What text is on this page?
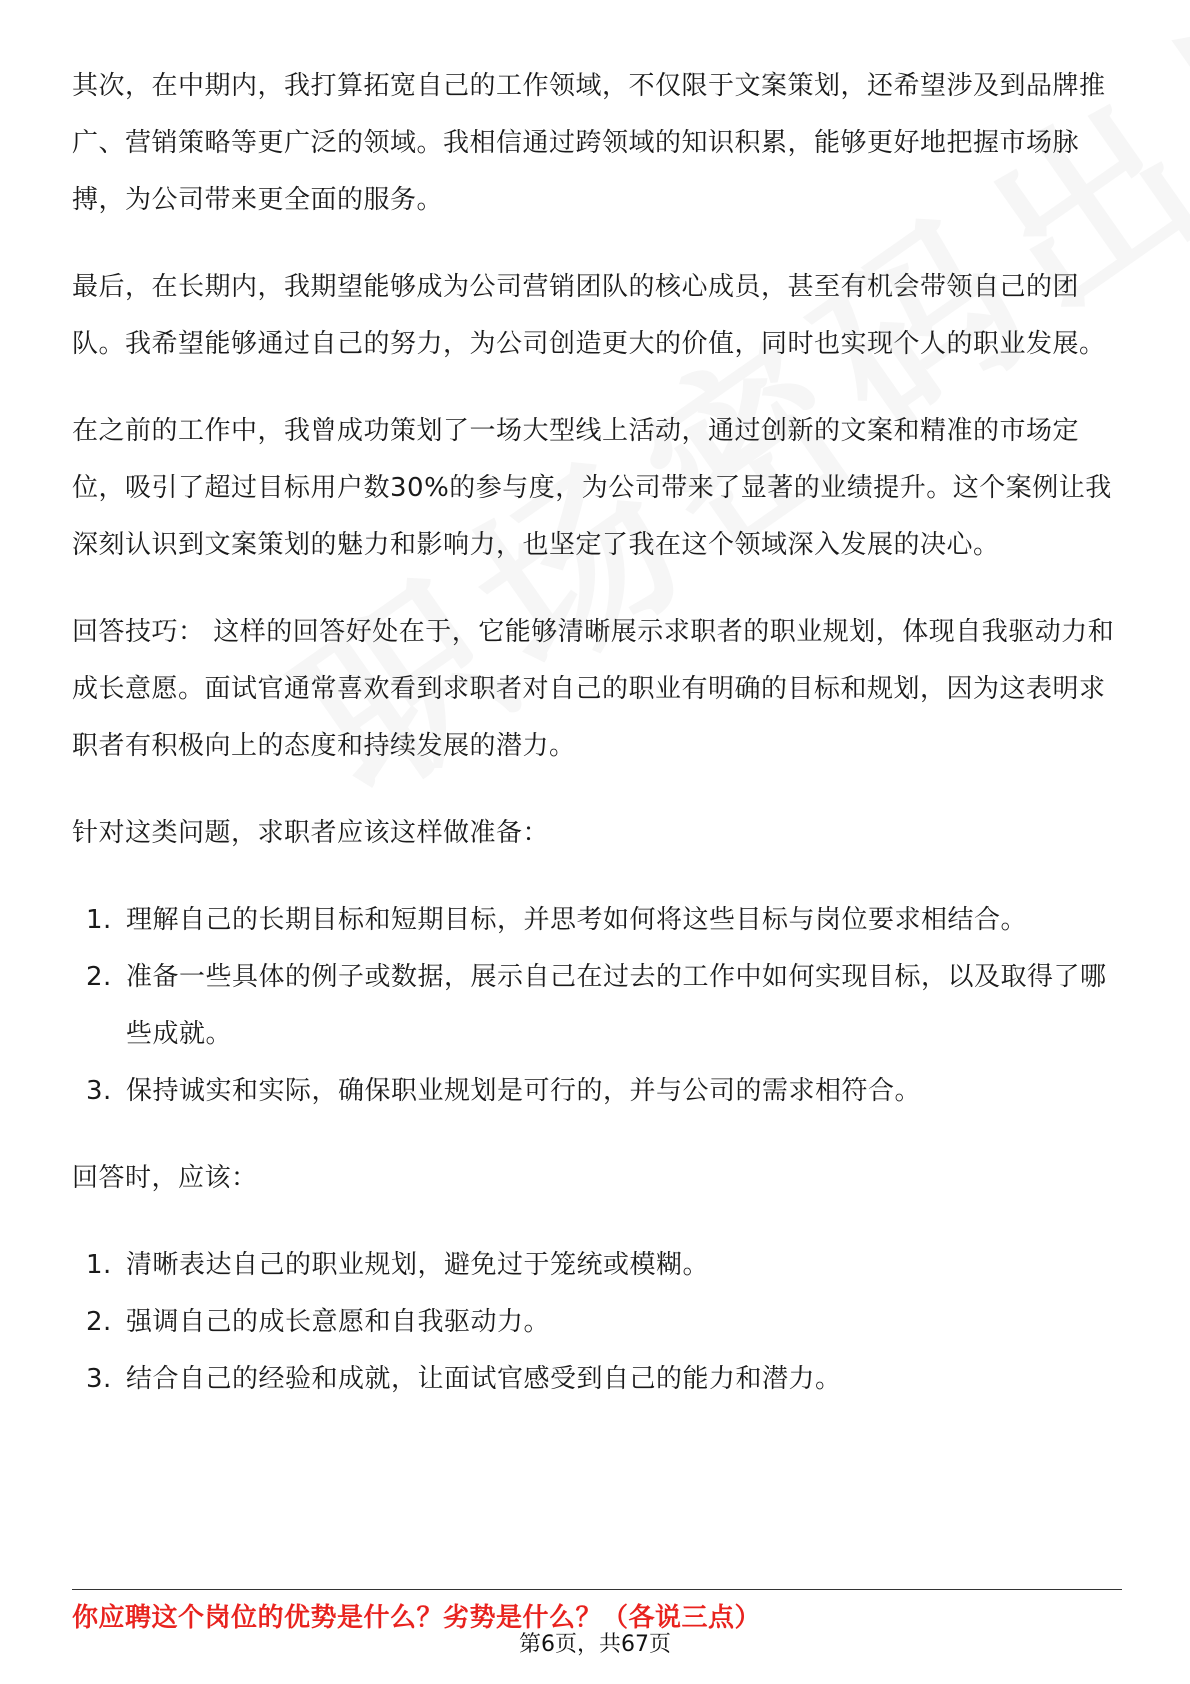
其次，在中期内，我打算拓宽自己的工作领域，不仅限于文案策划，还希望涉及到品牌推广、营销策略等更广泛的领域。我相信通过跨领域的知识积累，能够更好地把握市场脉搏，为公司带来更全面的服务。

最后，在长期内，我期望能够成为公司营销团队的核心成员，甚至有机会带领自己的团队。我希望能够通过自己的努力，为公司创造更大的价值，同时也实现个人的职业发展。

在之前的工作中，我曾成功策划了一场大型线上活动，通过创新的文案和精准的市场定位，吸引了超过目标用户数30%的参与度，为公司带来了显著的业绩提升。这个案例让我深刻认识到文案策划的魅力和影响力，也坚定了我在这个领域深入发展的决心。

回答技巧： 这样的回答好处在于，它能够清晰展示求职者的职业规划，体现自我驱动力和成长意愿。面试官通常喜欢看到求职者对自己的职业有明确的目标和规划，因为这表明求职者有积极向上的态度和持续发展的潜力。

针对这类问题，求职者应该这样做准备：

1. 理解自己的长期目标和短期目标，并思考如何将这些目标与岗位要求相结合。
2. 准备一些具体的例子或数据，展示自己在过去的工作中如何实现目标，以及取得了哪些成就。
3. 保持诚实和实际，确保职业规划是可行的，并与公司的需求相符合。

回答时，应该：

1. 清晰表达自己的职业规划，避免过于笼统或模糊。
2. 强调自己的成长意愿和自我驱动力。
3. 结合自己的经验和成就，让面试官感受到自己的能力和潜力。
你应聘这个岗位的优势是什么？劣势是什么？（各说三点）
第6页，共67页
